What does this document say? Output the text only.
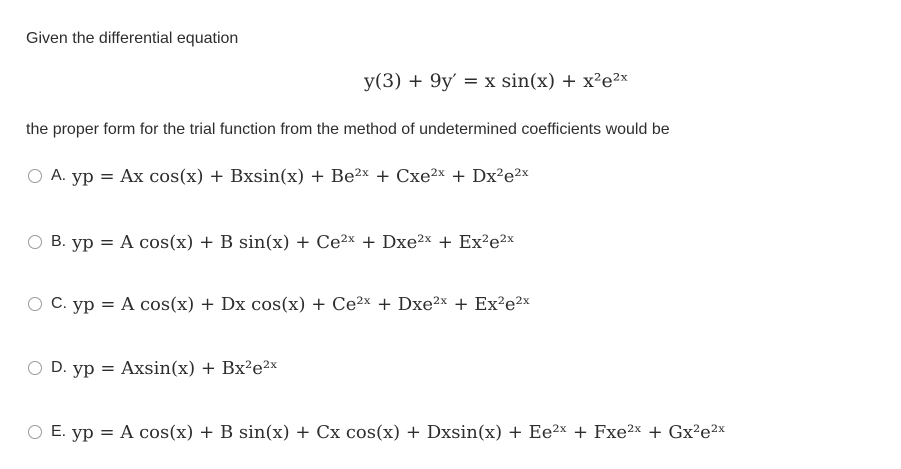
Given the differential equation

y(3) + 9y′ = x sin(x) + x²e²ˣ

the proper form for the trial function from the method of undetermined coefficients would be

A. yp = Ax cos(x) + Bxsin(x) + Be²ˣ + Cxe²ˣ + Dx²e²ˣ
B. yp = A cos(x) + B sin(x) + Ce²ˣ + Dxe²ˣ + Ex²e²ˣ
C. yp = A cos(x) + Dx cos(x) + Ce²ˣ + Dxe²ˣ + Ex²e²ˣ
D. yp = Axsin(x) + Bx²e²ˣ
E. yp = A cos(x) + B sin(x) + Cx cos(x) + Dxsin(x) + Ee²ˣ + Fxe²ˣ + Gx²e²ˣ
